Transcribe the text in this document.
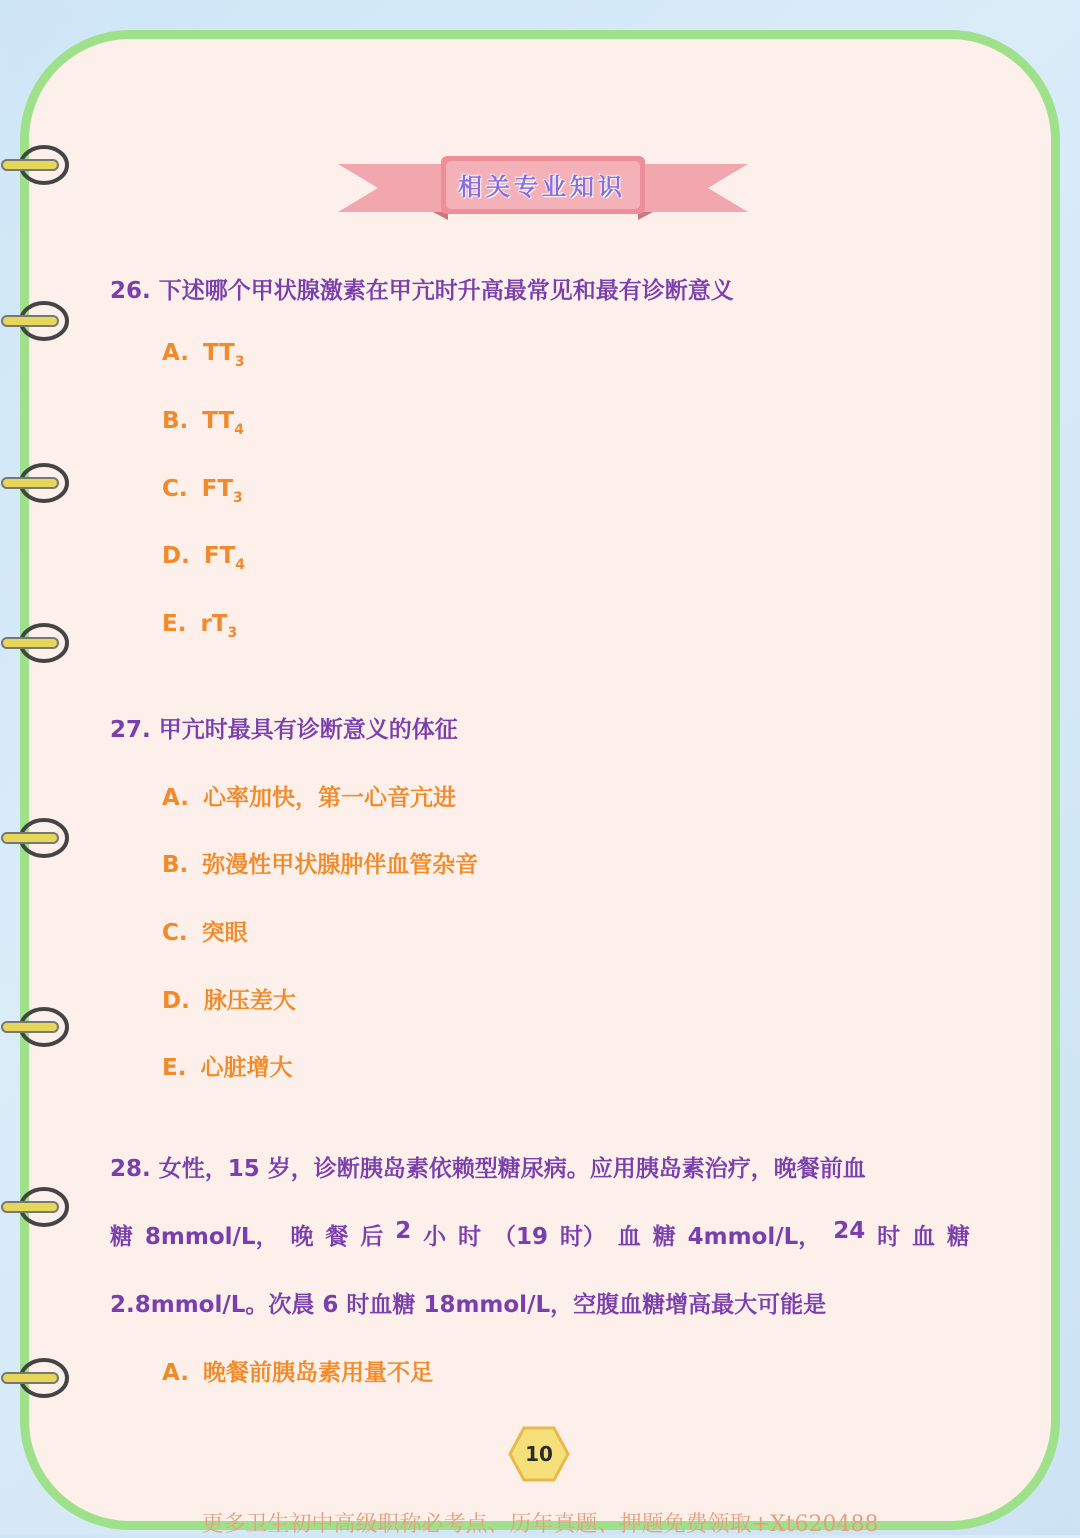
相关专业知识
26. 下述哪个甲状腺激素在甲亢时升高最常见和最有诊断意义
A. $TT_3$
B. $TT_4$
C. $FT_3$
D. $FT_4$
E. $rT_3$
27. 甲亢时最具有诊断意义的体征
A. 心率加快，第一心音亢进
B. 弥漫性甲状腺肿伴血管杂音
C. 突眼
D. 脉压差大
E. 心脏增大
28. 女性，15 岁，诊断胰岛素依赖型糖尿病。应用胰岛素治疗，晚餐前血
糖 8mmol/L， 晚 餐 后 2 小 时 （19 时） 血 糖 4mmol/L， 24 时 血 糖
2.8mmol/L。次晨 6 时血糖 18mmol/L，空腹血糖增高最大可能是
A. 晚餐前胰岛素用量不足
10
更多卫生初中高级职称必考点、历年真题、押题免费领取+Xt620488
